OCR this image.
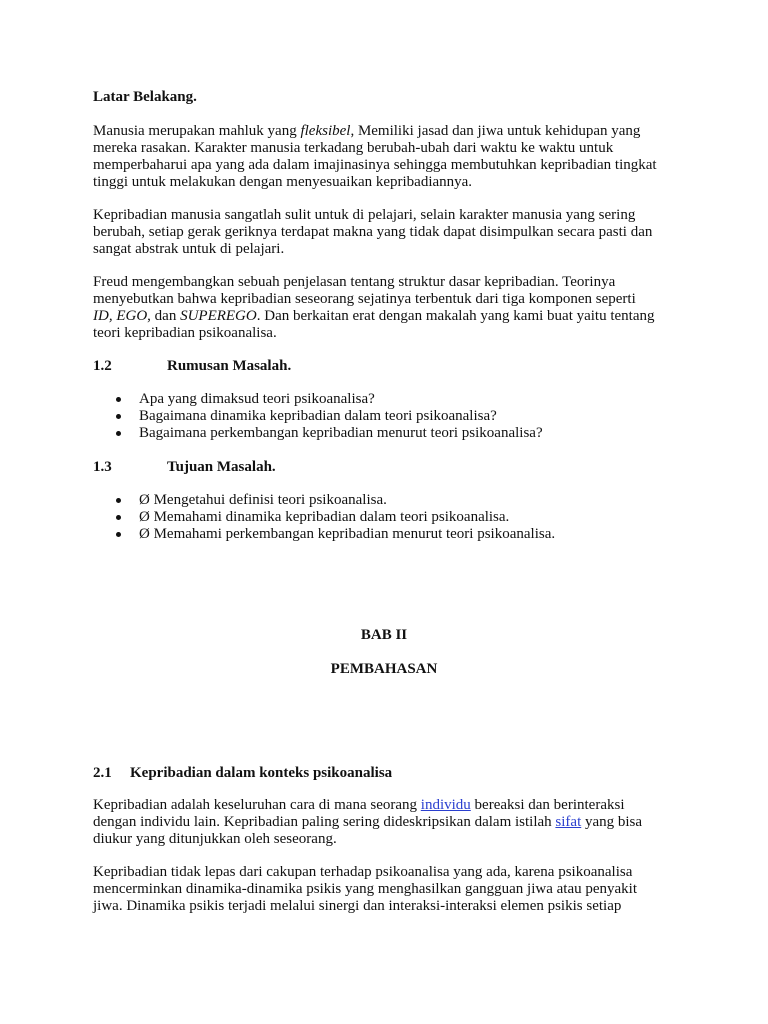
Latar Belakang.
Manusia merupakan mahluk yang fleksibel, Memiliki jasad dan jiwa untuk kehidupan yang
mereka rasakan. Karakter manusia terkadang berubah-ubah dari waktu ke waktu untuk
memperbaharui apa yang ada dalam imajinasinya sehingga membutuhkan kepribadian tingkat
tinggi untuk melakukan dengan menyesuaikan kepribadiannya.
Kepribadian manusia sangatlah sulit untuk di pelajari, selain karakter manusia yang sering
berubah, setiap gerak geriknya terdapat makna yang tidak dapat disimpulkan secara pasti dan
sangat abstrak untuk di pelajari.
Freud mengembangkan sebuah penjelasan tentang struktur dasar kepribadian. Teorinya
menyebutkan bahwa kepribadian seseorang sejatinya terbentuk dari tiga komponen seperti
ID, EGO, dan SUPEREGO. Dan berkaitan erat dengan makalah yang kami buat yaitu tentang
teori kepribadian psikoanalisa.
1.2	Rumusan Masalah.
Apa yang dimaksud teori psikoanalisa?
Bagaimana dinamika kepribadian dalam teori psikoanalisa?
Bagaimana perkembangan kepribadian menurut teori psikoanalisa?
1.3	Tujuan Masalah.
Ø Mengetahui definisi teori psikoanalisa.
Ø Memahami dinamika kepribadian dalam teori psikoanalisa.
Ø Memahami perkembangan kepribadian menurut teori psikoanalisa.
BAB II
PEMBAHASAN
2.1 Kepribadian dalam konteks psikoanalisa
Kepribadian adalah keseluruhan cara di mana seorang individu bereaksi dan berinteraksi
dengan individu lain. Kepribadian paling sering dideskripsikan dalam istilah sifat yang bisa
diukur yang ditunjukkan oleh seseorang.
Kepribadian tidak lepas dari cakupan terhadap psikoanalisa yang ada, karena psikoanalisa
mencerminkan dinamika-dinamika psikis yang menghasilkan gangguan jiwa atau penyakit
jiwa. Dinamika psikis terjadi melalui sinergi dan interaksi-interaksi elemen psikis setiap
